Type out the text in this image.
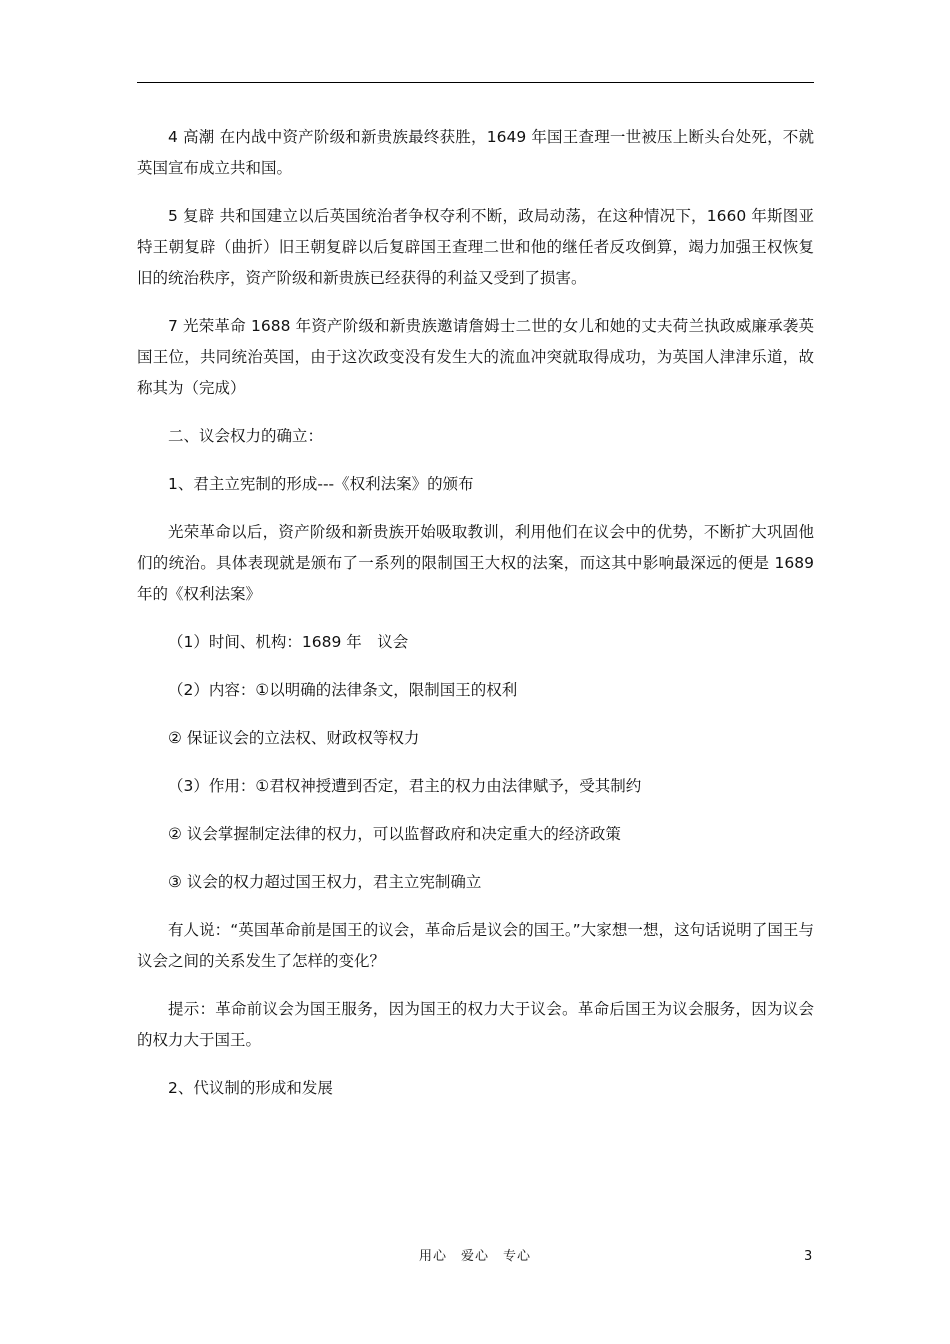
4 高潮 在内战中资产阶级和新贵族最终获胜，1649 年国王查理一世被压上断头台处死，不就英国宣布成立共和国。

5 复辟 共和国建立以后英国统治者争权夺利不断，政局动荡，在这种情况下，1660 年斯图亚特王朝复辟（曲折）旧王朝复辟以后复辟国王查理二世和他的继任者反攻倒算，竭力加强王权恢复旧的统治秩序，资产阶级和新贵族已经获得的利益又受到了损害。

7 光荣革命 1688 年资产阶级和新贵族邀请詹姆士二世的女儿和她的丈夫荷兰执政威廉承袭英国王位，共同统治英国，由于这次政变没有发生大的流血冲突就取得成功，为英国人津津乐道，故称其为（完成）

二、议会权力的确立：

1、君主立宪制的形成---《权利法案》的颁布

光荣革命以后，资产阶级和新贵族开始吸取教训，利用他们在议会中的优势，不断扩大巩固他们的统治。具体表现就是颁布了一系列的限制国王大权的法案，而这其中影响最深远的便是 1689 年的《权利法案》

（1）时间、机构：1689 年　议会

（2）内容：①以明确的法律条文，限制国王的权利

② 保证议会的立法权、财政权等权力

（3）作用：①君权神授遭到否定，君主的权力由法律赋予，受其制约

② 议会掌握制定法律的权力，可以监督政府和决定重大的经济政策

③ 议会的权力超过国王权力，君主立宪制确立

有人说：“英国革命前是国王的议会，革命后是议会的国王。”大家想一想，这句话说明了国王与议会之间的关系发生了怎样的变化？

提示：革命前议会为国王服务，因为国王的权力大于议会。革命后国王为议会服务，因为议会的权力大于国王。

2、代议制的形成和发展

用心　爱心　专心	3
